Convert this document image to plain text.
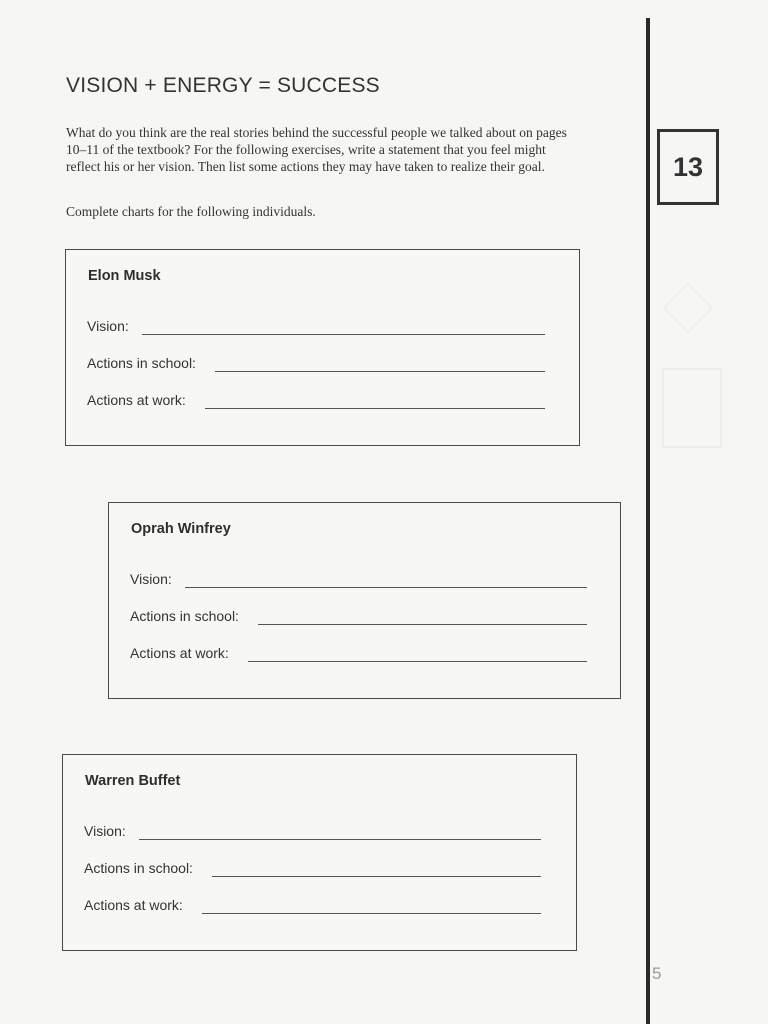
VISION + ENERGY = SUCCESS
What do you think are the real stories behind the successful people we talked about on pages
10–11 of the textbook? For the following exercises, write a statement that you feel might
reflect his or her vision. Then list some actions they may have taken to realize their goal.
Complete charts for the following individuals.
13
5
Elon Musk
Vision:
Actions in school:
Actions at work:
Oprah Winfrey
Vision:
Actions in school:
Actions at work:
Warren Buffet
Vision:
Actions in school:
Actions at work:
